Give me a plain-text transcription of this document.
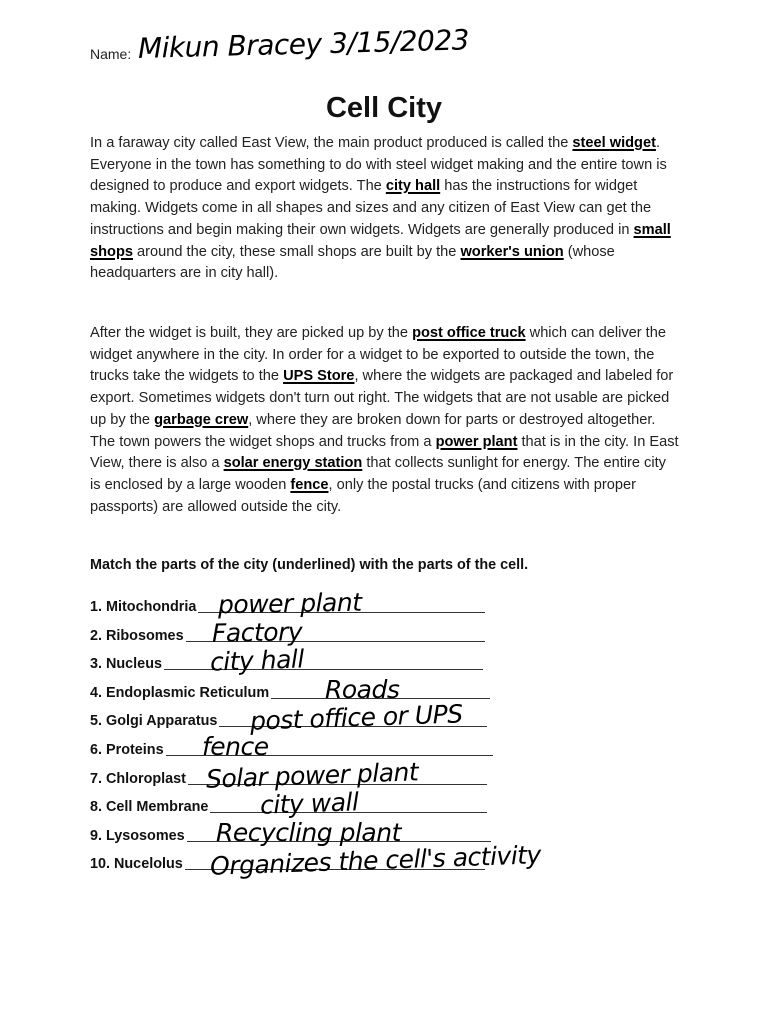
Name: Mikun Bracey 3/15/2023
Cell City

In a faraway city called East View, the main product produced is called the steel widget. Everyone in the town has something to do with steel widget making and the entire town is designed to produce and export widgets. The city hall has the instructions for widget making. Widgets come in all shapes and sizes and any citizen of East View can get the instructions and begin making their own widgets. Widgets are generally produced in small shops around the city, these small shops are built by the worker's union (whose headquarters are in city hall).

After the widget is built, they are picked up by the post office truck which can deliver the widget anywhere in the city. In order for a widget to be exported to outside the town, the trucks take the widgets to the UPS Store, where the widgets are packaged and labeled for export. Sometimes widgets don't turn out right. The widgets that are not usable are picked up by the garbage crew, where they are broken down for parts or destroyed altogether. The town powers the widget shops and trucks from a power plant that is in the city. In East View, there is also a solar energy station that collects sunlight for energy. The entire city is enclosed by a large wooden fence, only the postal trucks (and citizens with proper passports) are allowed outside the city.

Match the parts of the city (underlined) with the parts of the cell.
1. Mitochondria power plant
2. Ribosomes Factory
3. Nucleus city hall
4. Endoplasmic Reticulum Roads
5. Golgi Apparatus post office or UPS
6. Proteins fence
7. Chloroplast Solar power plant
8. Cell Membrane city wall
9. Lysosomes Recycling plant
10. Nucelolus Organizes the cell's activity
